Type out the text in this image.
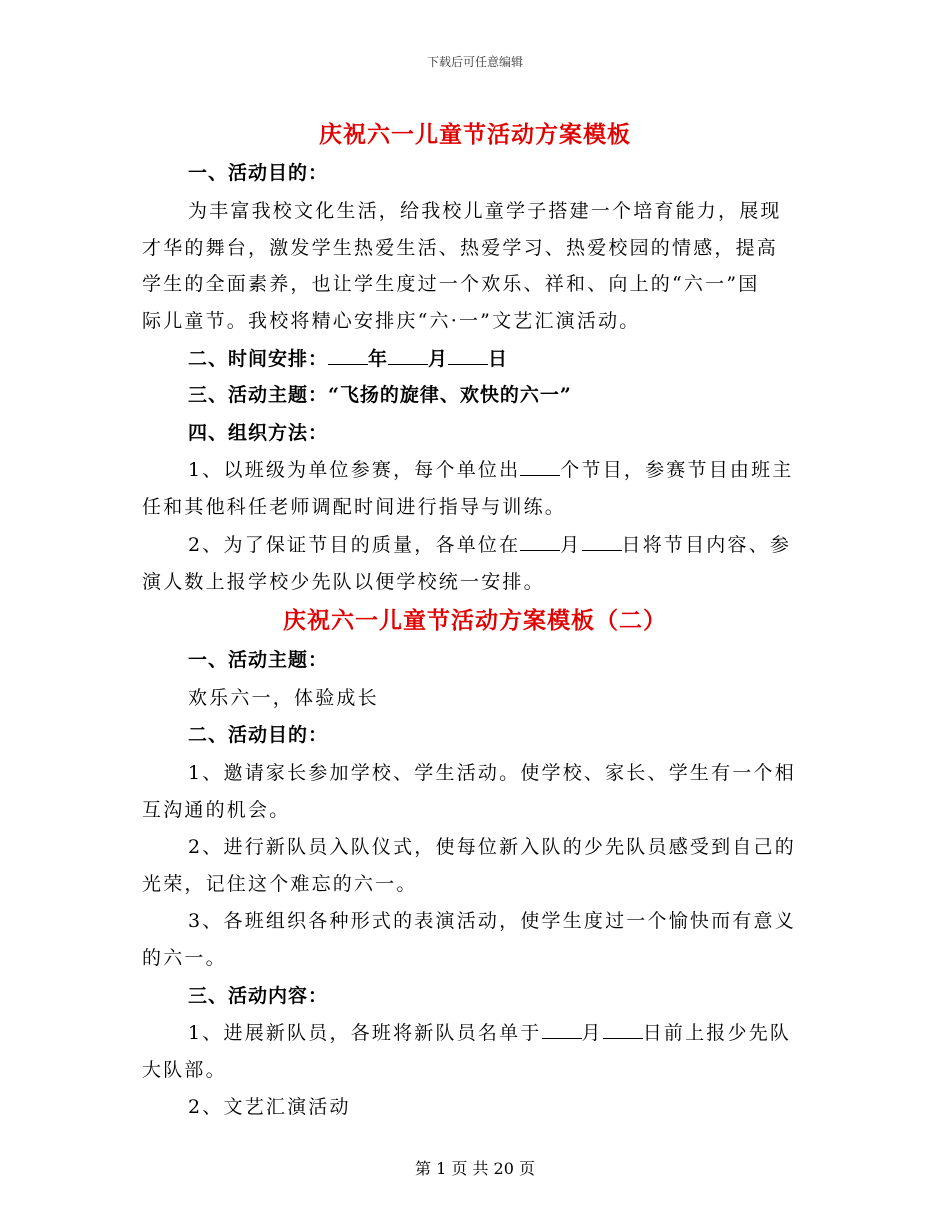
下载后可任意编辑
庆祝六一儿童节活动方案模板
一、活动目的：
为丰富我校文化生活，给我校儿童学子搭建一个培育能力，展现
才华的舞台，激发学生热爱生活、热爱学习、热爱校园的情感，提高
学生的全面素养，也让学生度过一个欢乐、祥和、向上的“六一”国
际儿童节。我校将精心安排庆“六·一”文艺汇演活动。
二、时间安排： 年 月 日
三、活动主题：“飞扬的旋律、欢快的六一”
四、组织方法：
1、以班级为单位参赛，每个单位出 个节目，参赛节目由班主
任和其他科任老师调配时间进行指导与训练。
2、为了保证节目的质量，各单位在 月 日将节目内容、参
演人数上报学校少先队以便学校统一安排。
庆祝六一儿童节活动方案模板（二）
一、活动主题：
欢乐六一，体验成长
二、活动目的：
1、邀请家长参加学校、学生活动。使学校、家长、学生有一个相
互沟通的机会。
2、进行新队员入队仪式，使每位新入队的少先队员感受到自己的
光荣，记住这个难忘的六一。
3、各班组织各种形式的表演活动，使学生度过一个愉快而有意义
的六一。
三、活动内容：
1、进展新队员，各班将新队员名单于 月 日前上报少先队
大队部。
2、文艺汇演活动
第 1 页 共 20 页
